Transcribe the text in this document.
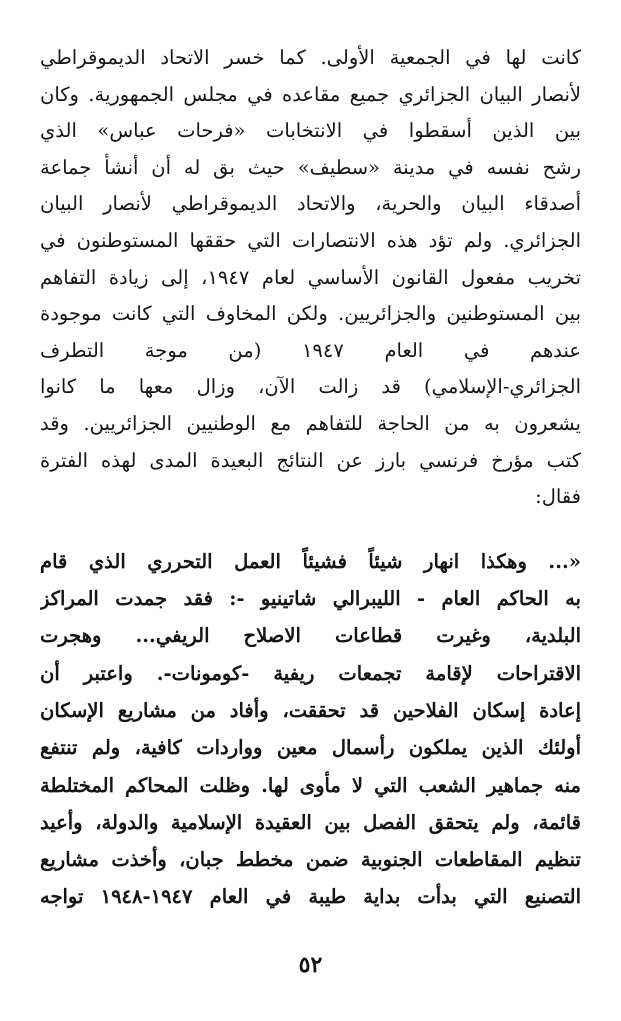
كانت لها في الجمعية الأولى. كما خسر الاتحاد الديموقراطي
لأنصار البيان الجزائري جميع مقاعده في مجلس الجمهورية. وكان
بين الذين أسقطوا في الانتخابات «فرحات عباس» الذي
رشح نفسه في مدينة «سطيف» حيث بق له أن أنشأ جماعة
أصدقاء البيان والحرية، والاتحاد الديموقراطي لأنصار البيان
الجزائري. ولم تؤد هذه الانتصارات التي حققها المستوطنون في
تخريب مفعول القانون الأساسي لعام ١٩٤٧، إلى زيادة التفاهم
بين المستوطنين والجزائريين. ولكن المخاوف التي كانت موجودة
عندهم في العام ١٩٤٧ (من موجة التطرف
الجزائري-الإسلامي) قد زالت الآن، وزال معها ما كانوا
يشعرون به من الحاجة للتفاهم مع الوطنيين الجزائريين. وقد
كتب مؤرخ فرنسي بارز عن النتائج البعيدة المدى لهذه الفترة
فقال:
«... وهكذا انهار شيئاً فشيئاً العمل التحرري الذي قام
به الحاكم العام - الليبرالي شاتينيو -: فقد جمدت المراكز
البلدية، وغيرت قطاعات الاصلاح الريفي... وهجرت
الاقتراحات لإقامة تجمعات ريفية -كومونات-. واعتبر أن
إعادة إسكان الفلاحين قد تحققت، وأفاد من مشاريع الإسكان
أولئك الذين يملكون رأسمال معين وواردات كافية، ولم تنتفع
منه جماهير الشعب التي لا مأوى لها. وظلت المحاكم المختلطة
قائمة، ولم يتحقق الفصل بين العقيدة الإسلامية والدولة، وأعيد
تنظيم المقاطعات الجنوبية ضمن مخطط جبان، وأخذت مشاريع
التصنيع التي بدأت بداية طيبة في العام ١٩٤٧-١٩٤٨ تواجه
٥٢
